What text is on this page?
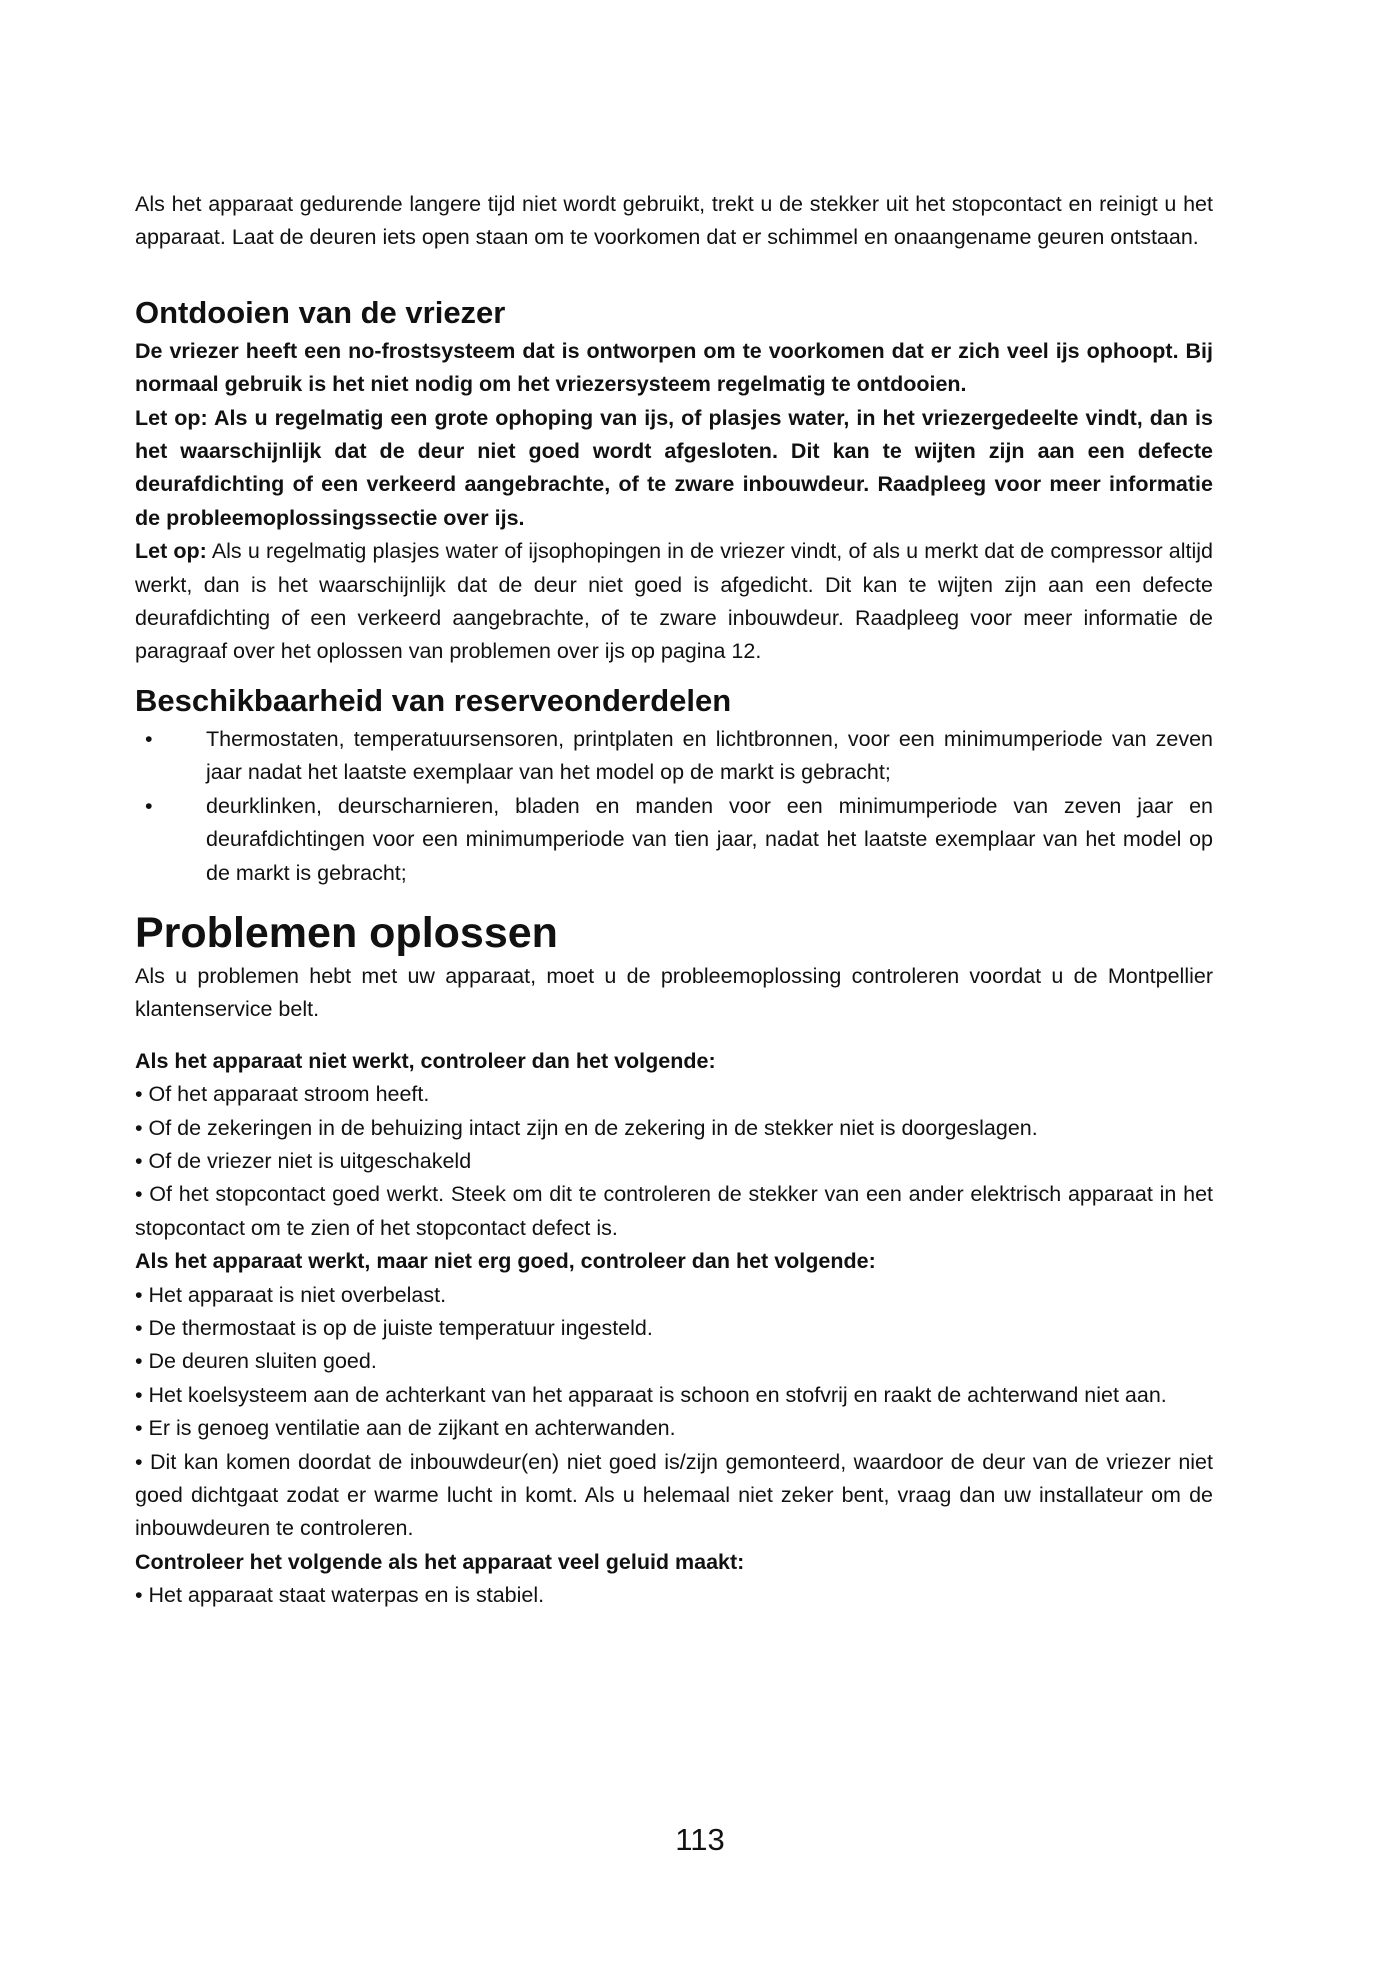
Als het apparaat gedurende langere tijd niet wordt gebruikt, trekt u de stekker uit het stopcontact en reinigt u het apparaat. Laat de deuren iets open staan om te voorkomen dat er schimmel en onaangename geuren ontstaan.

Ontdooien van de vriezer

De vriezer heeft een no-frostsysteem dat is ontworpen om te voorkomen dat er zich veel ijs ophoopt. Bij normaal gebruik is het niet nodig om het vriezersysteem regelmatig te ontdooien.

Let op: Als u regelmatig een grote ophoping van ijs, of plasjes water, in het vriezergedeelte vindt, dan is het waarschijnlijk dat de deur niet goed wordt afgesloten. Dit kan te wijten zijn aan een defecte deurafdichting of een verkeerd aangebrachte, of te zware inbouwdeur. Raadpleeg voor meer informatie de probleemoplossingssectie over ijs.

Let op: Als u regelmatig plasjes water of ijsophopingen in de vriezer vindt, of als u merkt dat de compressor altijd werkt, dan is het waarschijnlijk dat de deur niet goed is afgedicht. Dit kan te wijten zijn aan een defecte deurafdichting of een verkeerd aangebrachte, of te zware inbouwdeur. Raadpleeg voor meer informatie de paragraaf over het oplossen van problemen over ijs op pagina 12.

Beschikbaarheid van reserveonderdelen
• Thermostaten, temperatuursensoren, printplaten en lichtbronnen, voor een minimumperiode van zeven jaar nadat het laatste exemplaar van het model op de markt is gebracht;
• deurklinken, deurscharnieren, bladen en manden voor een minimumperiode van zeven jaar en deurafdichtingen voor een minimumperiode van tien jaar, nadat het laatste exemplaar van het model op de markt is gebracht;
Problemen oplossen

Als u problemen hebt met uw apparaat, moet u de probleemoplossing controleren voordat u de Montpellier klantenservice belt.

Als het apparaat niet werkt, controleer dan het volgende:

• Of het apparaat stroom heeft.

• Of de zekeringen in de behuizing intact zijn en de zekering in de stekker niet is doorgeslagen.

• Of de vriezer niet is uitgeschakeld

• Of het stopcontact goed werkt. Steek om dit te controleren de stekker van een ander elektrisch apparaat in het stopcontact om te zien of het stopcontact defect is.

Als het apparaat werkt, maar niet erg goed, controleer dan het volgende:

• Het apparaat is niet overbelast.

• De thermostaat is op de juiste temperatuur ingesteld.

• De deuren sluiten goed.

• Het koelsysteem aan de achterkant van het apparaat is schoon en stofvrij en raakt de achterwand niet aan.

• Er is genoeg ventilatie aan de zijkant en achterwanden.

• Dit kan komen doordat de inbouwdeur(en) niet goed is/zijn gemonteerd, waardoor de deur van de vriezer niet goed dichtgaat zodat er warme lucht in komt. Als u helemaal niet zeker bent, vraag dan uw installateur om de inbouwdeuren te controleren.

Controleer het volgende als het apparaat veel geluid maakt:

• Het apparaat staat waterpas en is stabiel.

113
